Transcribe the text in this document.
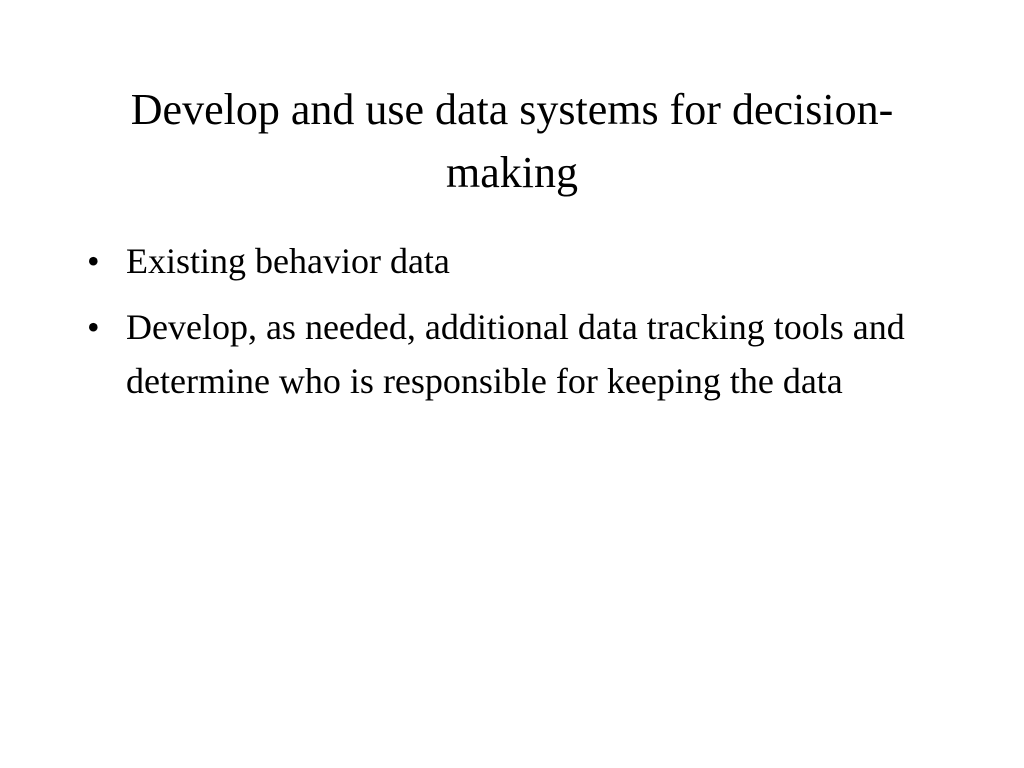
Develop and use data systems for decision-making
• Existing behavior data
• Develop, as needed, additional data tracking tools and determine who is responsible for keeping the data
